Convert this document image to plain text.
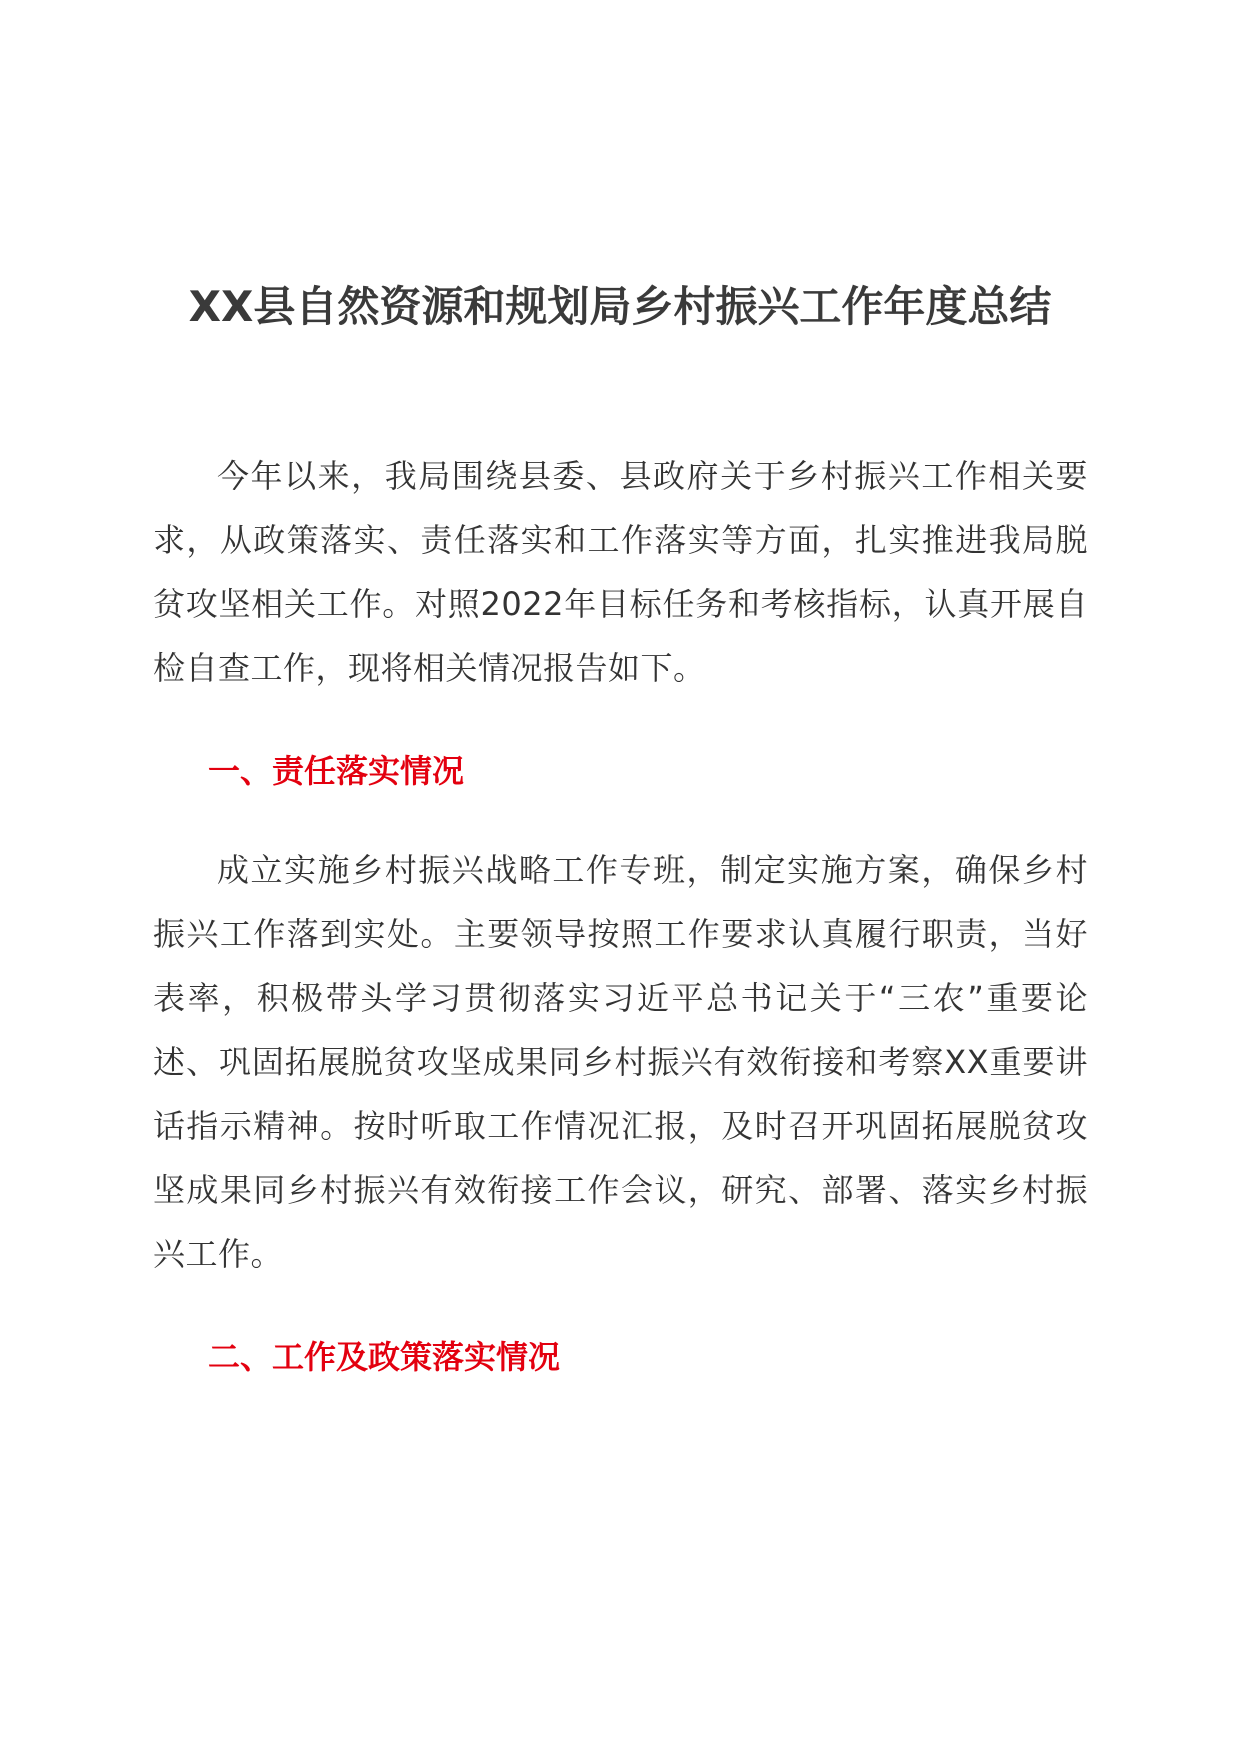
XX县自然资源和规划局乡村振兴工作年度总结

今年以来，我局围绕县委、县政府关于乡村振兴工作相关要求，从政策落实、责任落实和工作落实等方面，扎实推进我局脱贫攻坚相关工作。对照2022年目标任务和考核指标，认真开展自检自查工作，现将相关情况报告如下。

一、责任落实情况

成立实施乡村振兴战略工作专班，制定实施方案，确保乡村振兴工作落到实处。主要领导按照工作要求认真履行职责，当好表率，积极带头学习贯彻落实习近平总书记关于“三农”重要论述、巩固拓展脱贫攻坚成果同乡村振兴有效衔接和考察XX重要讲话指示精神。按时听取工作情况汇报，及时召开巩固拓展脱贫攻坚成果同乡村振兴有效衔接工作会议，研究、部署、落实乡村振兴工作。

二、工作及政策落实情况
